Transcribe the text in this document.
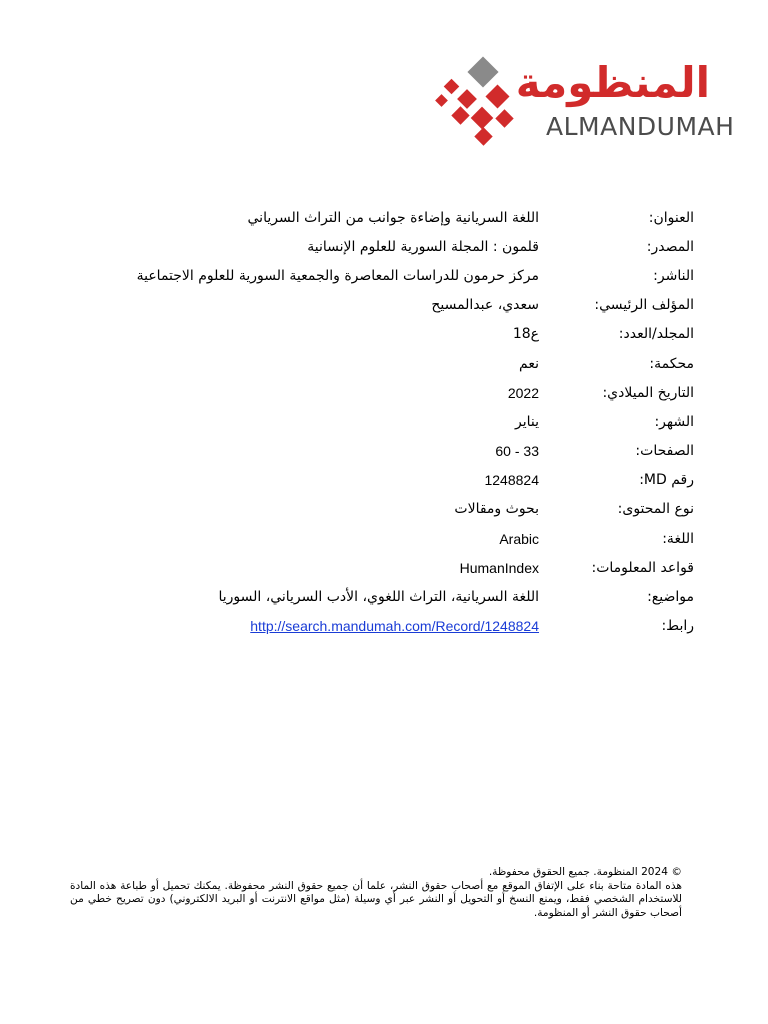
المنظومة
ALMANDUMAH
العنوان:
اللغة السريانية وإضاءة جوانب من التراث السرياني
المصدر:
قلمون : المجلة السورية للعلوم الإنسانية
الناشر:
مركز حرمون للدراسات المعاصرة والجمعية السورية للعلوم الاجتماعية
المؤلف الرئيسي:
سعدي، عبدالمسيح
المجلد/العدد:
ع18
محكمة:
نعم
التاريخ الميلادي:
2022
الشهر:
يناير
الصفحات:
33 - 60
رقم MD:
1248824
نوع المحتوى:
بحوث ومقالات
اللغة:
Arabic
قواعد المعلومات:
HumanIndex
مواضيع:
اللغة السريانية، التراث اللغوي، الأدب السرياني، السوريا
رابط:
http://search.mandumah.com/Record/1248824

© 2024 المنظومة. جميع الحقوق محفوظة.

هذه المادة متاحة بناء على الإتفاق الموقع مع أصحاب حقوق النشر، علما أن جميع حقوق النشر محفوظة. يمكنك تحميل أو طباعة هذه المادة للاستخدام الشخصي فقط، ويمنع النسخ أو التحويل أو النشر عبر أي وسيلة (مثل مواقع الانترنت أو البريد الالكتروني) دون تصريح خطي من أصحاب حقوق النشر أو المنظومة.
